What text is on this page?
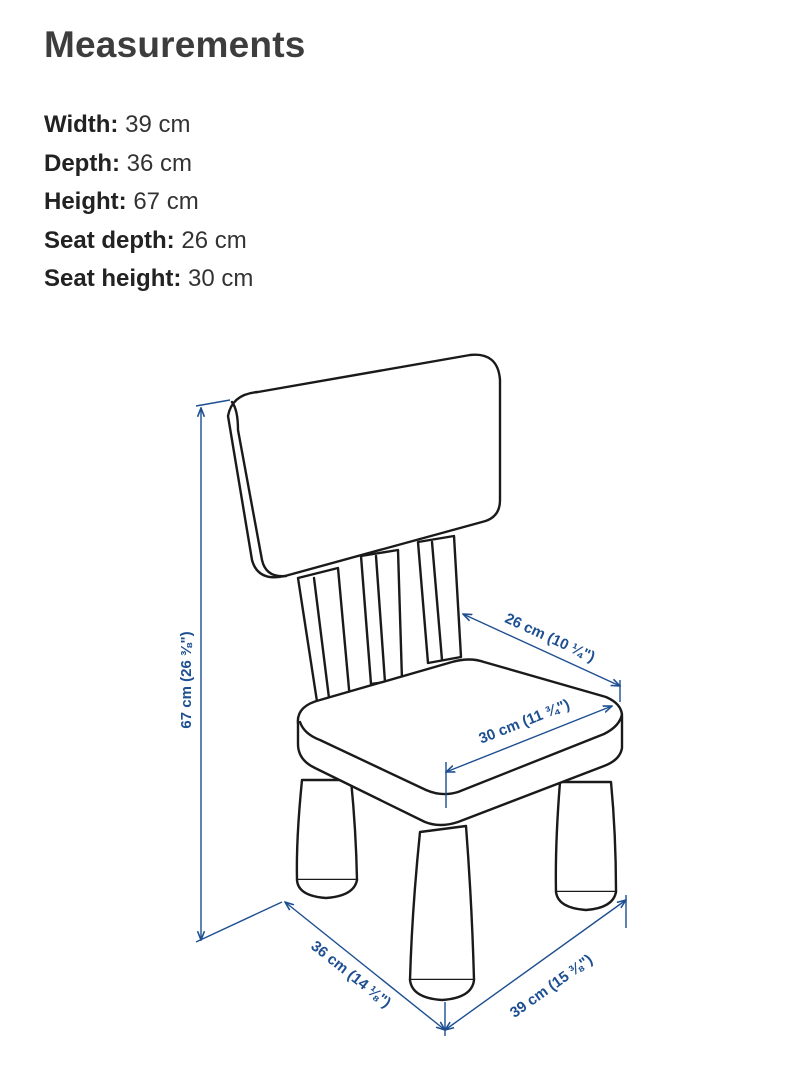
Measurements
Width: 39 cm
Depth: 36 cm
Height: 67 cm
Seat depth: 26 cm
Seat height: 30 cm
67 cm (26 ⅜")
36 cm (14 ⅛")	39 cm (15 ⅜")
26 cm (10 ¼")
30 cm (11 ¾")
